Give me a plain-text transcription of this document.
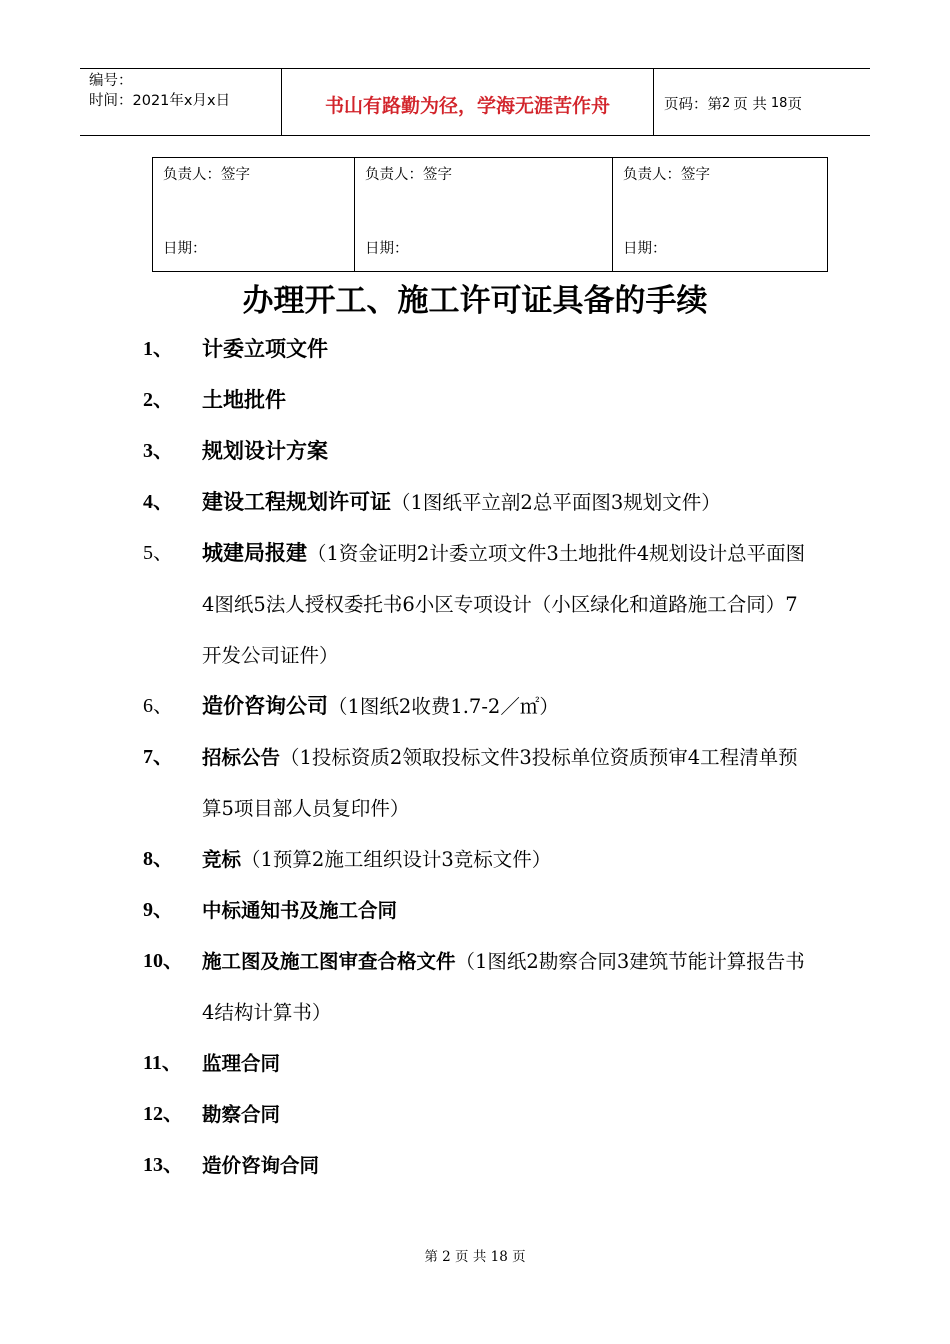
编号：
时间：2021年x月x日	书山有路勤为径，学海无涯苦作舟	页码：第 2 页 共 18 页
负责人：签字
日期：
负责人：签字
日期：
负责人：签字
日期：
办理开工、施工许可证具备的手续
1、 计委立项文件
2、 土地批件
3、 规划设计方案
4、 建设工程规划许可证（1图纸平立剖2总平面图3规划文件）
5、 城建局报建（1资金证明2计委立项文件3土地批件4规划设计总平面图4图纸5法人授权委托书6小区专项设计（小区绿化和道路施工合同）7开发公司证件）
6、 造价咨询公司（1图纸2收费1.7-2／㎡）
7、 招标公告（1投标资质2领取投标文件3投标单位资质预审4工程清单预算5项目部人员复印件）
8、 竞标（1预算2施工组织设计3竞标文件）
9、 中标通知书及施工合同
10、 施工图及施工图审查合格文件（1图纸2勘察合同3建筑节能计算报告书4结构计算书）
11、 监理合同
12、 勘察合同
13、 造价咨询合同
第 2 页 共 18 页
